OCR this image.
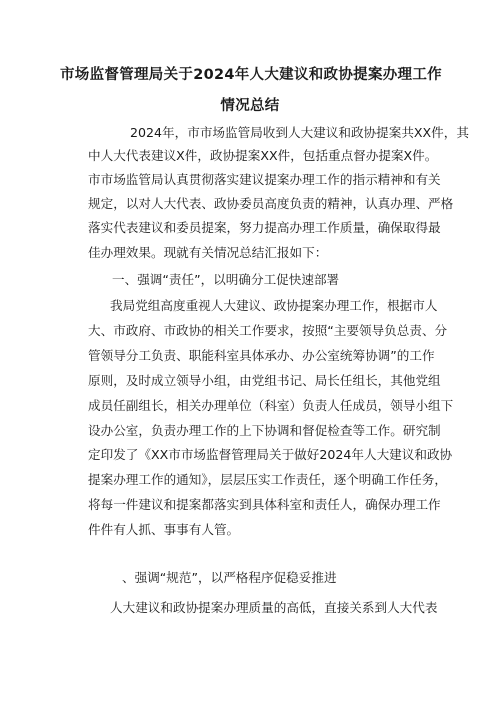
市场监督管理局关于2024年人大建议和政协提案办理工作
情况总结
2024年，市市场监管局收到人大建议和政协提案共XX件，其
中人大代表建议X件，政协提案XX件，包括重点督办提案X件。
市市场监管局认真贯彻落实建议提案办理工作的指示精神和有关
规定，以对人大代表、政协委员高度负责的精神，认真办理、严格
落实代表建议和委员提案，努力提高办理工作质量，确保取得最
佳办理效果。现就有关情况总结汇报如下：
一、强调“责任”，以明确分工促快速部署
我局党组高度重视人大建议、政协提案办理工作，根据市人
大、市政府、市政协的相关工作要求，按照“主要领导负总责、分
管领导分工负责、职能科室具体承办、办公室统筹协调”的工作
原则，及时成立领导小组，由党组书记、局长任组长，其他党组
成员任副组长，相关办理单位（科室）负责人任成员，领导小组下
设办公室，负责办理工作的上下协调和督促检查等工作。研究制
定印发了《XX市市场监督管理局关于做好2024年人大建议和政协
提案办理工作的通知》，层层压实工作责任，逐个明确工作任务，
将每一件建议和提案都落实到具体科室和责任人，确保办理工作
件件有人抓、事事有人管。
、强调“规范”，以严格程序促稳妥推进
人大建议和政协提案办理质量的高低，直接关系到人大代表
